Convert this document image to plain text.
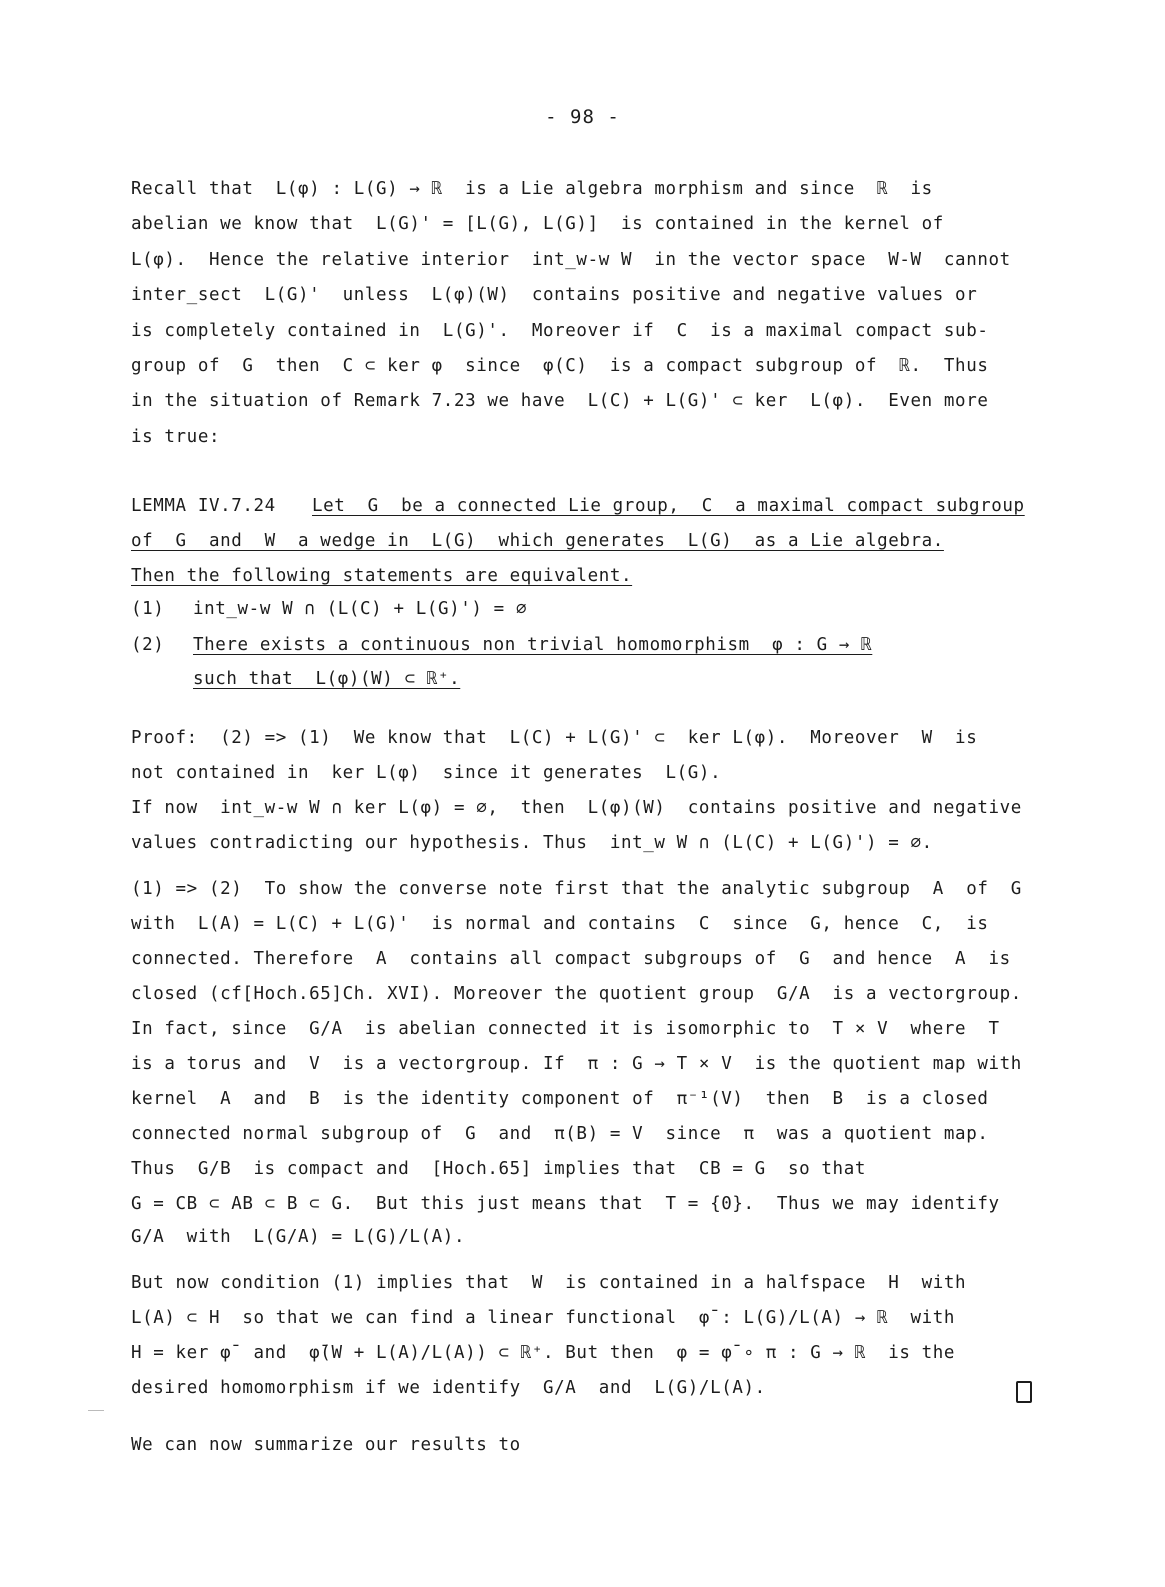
- 98 -
Recall that  L(φ) : L(G) → ℝ  is a Lie algebra morphism and since  ℝ  is
abelian we know that  L(G)' = [L(G), L(G)]  is contained in the kernel of
L(φ).  Hence the relative interior  int_w-w W  in the vector space  W-W  cannot
inter_sect  L(G)'  unless  L(φ)(W)  contains positive and negative values or
is completely contained in  L(G)'.  Moreover if  C  is a maximal compact sub-
group of  G  then  C ⊂ ker φ  since  φ(C)  is a compact subgroup of  ℝ.  Thus
in the situation of Remark 7.23 we have  L(C) + L(G)' ⊂ ker  L(φ).  Even more
is true:
LEMMA IV.7.24	Let  G  be a connected Lie group,  C  a maximal compact subgroup
of  G  and  W  a wedge in  L(G)  which generates  L(G)  as a Lie algebra.
Then the following statements are equivalent.
(1)	int_w-w W ∩ (L(C) + L(G)') = ∅
(2)	There exists a continuous non trivial homomorphism  φ : G → ℝ
such that  L(φ)(W) ⊂ ℝ⁺.
Proof:  (2) => (1)  We know that  L(C) + L(G)' ⊂  ker L(φ).  Moreover  W  is
not contained in  ker L(φ)  since it generates  L(G).
If now  int_w-w W ∩ ker L(φ) = ∅,  then  L(φ)(W)  contains positive and negative
values contradicting our hypothesis. Thus  int_w W ∩ (L(C) + L(G)') = ∅.
(1) => (2)  To show the converse note first that the analytic subgroup  A  of  G
with  L(A) = L(C) + L(G)'  is normal and contains  C  since  G, hence  C,  is
connected. Therefore  A  contains all compact subgroups of  G  and hence  A  is
closed (cf[Hoch.65]Ch. XVI). Moreover the quotient group  G/A  is a vectorgroup.
In fact, since  G/A  is abelian connected it is isomorphic to  T × V  where  T
is a torus and  V  is a vectorgroup. If  π : G → T × V  is the quotient map with
kernel  A  and  B  is the identity component of  π⁻¹(V)  then  B  is a closed
connected normal subgroup of  G  and  π(B) = V  since  π  was a quotient map.
Thus  G/B  is compact and  [Hoch.65] implies that  CB = G  so that
G = CB ⊂ AB ⊂ B ⊂ G.  But this just means that  T = {0}.  Thus we may identify
G/A  with  L(G/A) = L(G)/L(A).
But now condition (1) implies that  W  is contained in a halfspace  H  with
L(A) ⊂ H  so that we can find a linear functional  φ̄ : L(G)/L(A) → ℝ  with
H = ker φ̄  and  φ̄(W + L(A)/L(A)) ⊂ ℝ⁺. But then  φ = φ̄ ∘ π : G → ℝ  is the
desired homomorphism if we identify  G/A  and  L(G)/L(A).
We can now summarize our results to
